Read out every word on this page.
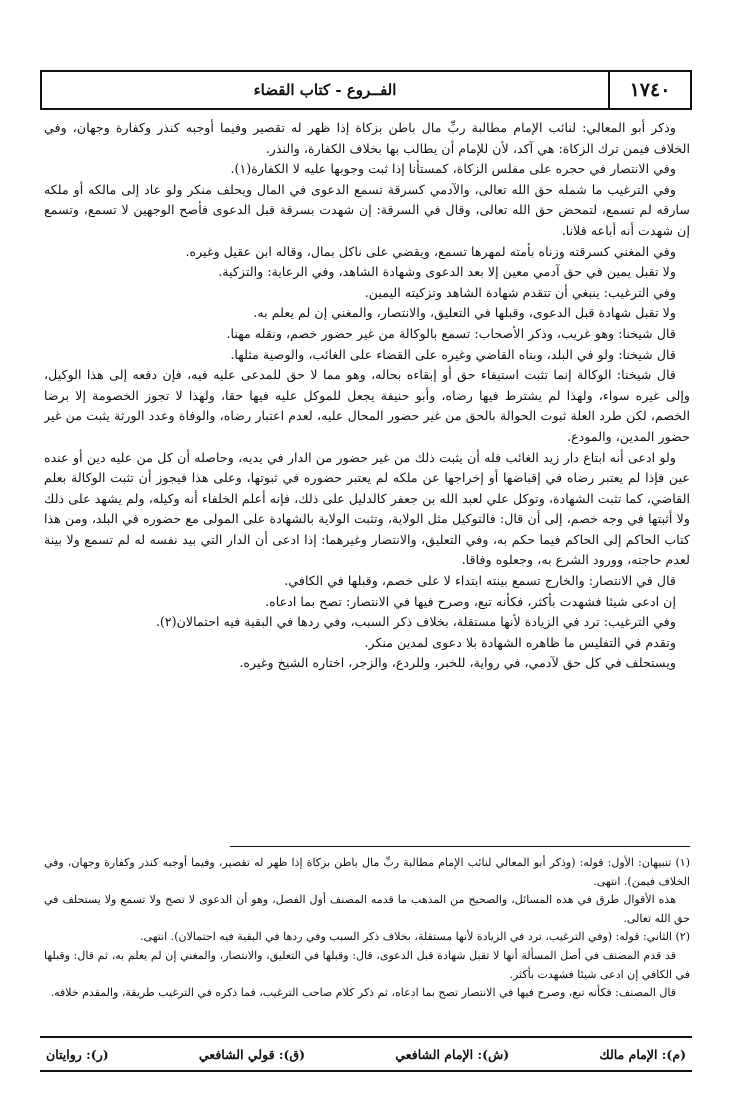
١٧٤٠
الفــروع - كتاب القضاء

وذكر أبو المعالي: لنائب الإمام مطالبة ربِّ مال باطن بزكاة إذا ظهر له تقصير وفيما أوجبه كنذر وكفارة وجهان، وفي الخلاف فيمن ترك الزكاة: هي آكد، لأن للإمام أن يطالب بها بخلاف الكفارة، والنذر.

وفي الانتصار في حجره على مفلس الزكاة، كمستأنا إذا ثبت وجوبها عليه لا الكفارة(١).

وفي الترغيب ما شمله حق الله تعالى، والآدمي كسرقة تسمع الدعوى في المال ويحلف منكر ولو عاد إلى مالكه أو ملكه سارقه لم تسمع، لتمحض حق الله تعالى، وقال في السرقة: إن شهدت بسرقة قبل الدعوى فأصح الوجهين لا تسمع، وتسمع إن شهدت أنه أباعه فلانا.

وفي المغني كسرقته وزناه بأمته لمهرها تسمع، ويقضي على ناكل بمال، وقاله ابن عقيل وغيره.

ولا تقبل يمين في حق آدمي معين إلا بعد الدعوى وشهادة الشاهد، وفي الرعاية: والتزكية.

وفي الترغيب: ينبغي أن تتقدم شهادة الشاهد وتزكيته اليمين.

ولا تقبل شهادة قبل الدعوى، وقبلها في التعليق، والانتصار، والمغني إن لم يعلم به.

قال شيخنا: وهو غريب، وذكر الأصحاب: تسمع بالوكالة من غير حضور خصم، ونقله مهنا.

قال شيخنا: ولو في البلد، وبناه القاضي وغيره على القضاء على الغائب، والوصية مثلها.

قال شيخنا: الوكالة إنما تثبت استيفاء حق أو إبقاءه بحاله، وهو مما لا حق للمدعى عليه فيه، فإن دفعه إلى هذا الوكيل، وإلى غيره سواء، ولهذا لم يشترط فيها رضاه، وأبو حنيفة يجعل للموكل عليه فيها حقا، ولهذا لا تجوز الخصومة إلا برضا الخصم، لكن طرد العلة ثبوت الحوالة بالحق من غير حضور المحال عليه، لعدم اعتبار رضاه، والوفاة وعدد الورثة يثبت من غير حضور المدين، والمودع.

ولو ادعى أنه ابتاع دار زيد الغائب فله أن يثبت ذلك من غير حضور من الدار في يديه، وحاصله أن كل من عليه دين أو عنده عين فإذا لم يعتبر رضاه في إقباضها أو إخراجها عن ملكه لم يعتبر حضوره في ثبوتها، وعلى هذا فيجوز أن تثبت الوكالة بعلم القاضي، كما تثبت الشهادة، وتوكل علي لعبد الله بن جعفر كالدليل على ذلك، فإنه أعلم الخلفاء أنه وكيله، ولم يشهد على ذلك ولا أثبتها في وجه خصم، إلى أن قال: فالتوكيل مثل الولاية، وتثبت الولاية بالشهادة على المولى مع حضوره في البلد، ومن هذا كتاب الحاكم إلى الحاكم فيما حكم به، وفي التعليق، والانتصار وغيرهما: إذا ادعى أن الدار التي بيد نفسه له لم تسمع ولا بينة لعدم حاجته، وورود الشرع به، وجعلوه وفاقا.

قال في الانتصار: والخارج تسمع بينته ابتداء لا على خصم، وقبلها في الكافي.

إن ادعى شيئا فشهدت بأكثر، فكأنه تبع، وصرح فيها في الانتصار: تصح بما ادعاه.

وفي الترغيب: ترد في الزيادة لأنها مستقلة، بخلاف ذكر السبب، وفي ردها في البقية فيه احتمالان(٢).

وتقدم في التفليس ما ظاهره الشهادة بلا دعوى لمدين منكر.

ويستحلف في كل حق لآدمي، في رواية، للخبر، وللردع، والزجر، اختاره الشيخ وغيره.

(١) تنبيهان: الأول: قوله: (وذكر أبو المعالي لنائب الإمام مطالبة ربِّ مال باطن بزكاة إذا ظهر له تقصير، وفيما أوجبه كنذر وكفارة وجهان، وفي الخلاف فيمن). انتهى.

هذه الأقوال طرق في هذه المسائل، والصحيح من المذهب ما قدمه المصنف أول الفصل، وهو أن الدعوى لا تصح ولا تسمع ولا يستحلف في حق الله تعالى.

(٢) الثاني: قوله: (وفي الترغيب، ترد في الزيادة لأنها مستقلة، بخلاف ذكر السبب وفي ردها في البقية فيه احتمالان). انتهى.

قد قدم المصنف في أصل المسألة أنها لا تقبل شهادة قبل الدعوى، قال: وقبلها في التعليق، والانتصار، والمغني إن لم يعلم به، ثم قال: وقبلها في الكافي إن ادعى شيئا فشهدت بأكثر.

قال المصنف: فكأنه تبع، وصرح فيها في الانتصار تصح بما ادعاه، ثم ذكر كلام صاحب الترغيب، فما ذكره في الترغيب طريقة، والمقدم خلافه.

(م): الإمام مالك
(ش): الإمام الشافعي
(ق): قولي الشافعي
(ر): روايتان
